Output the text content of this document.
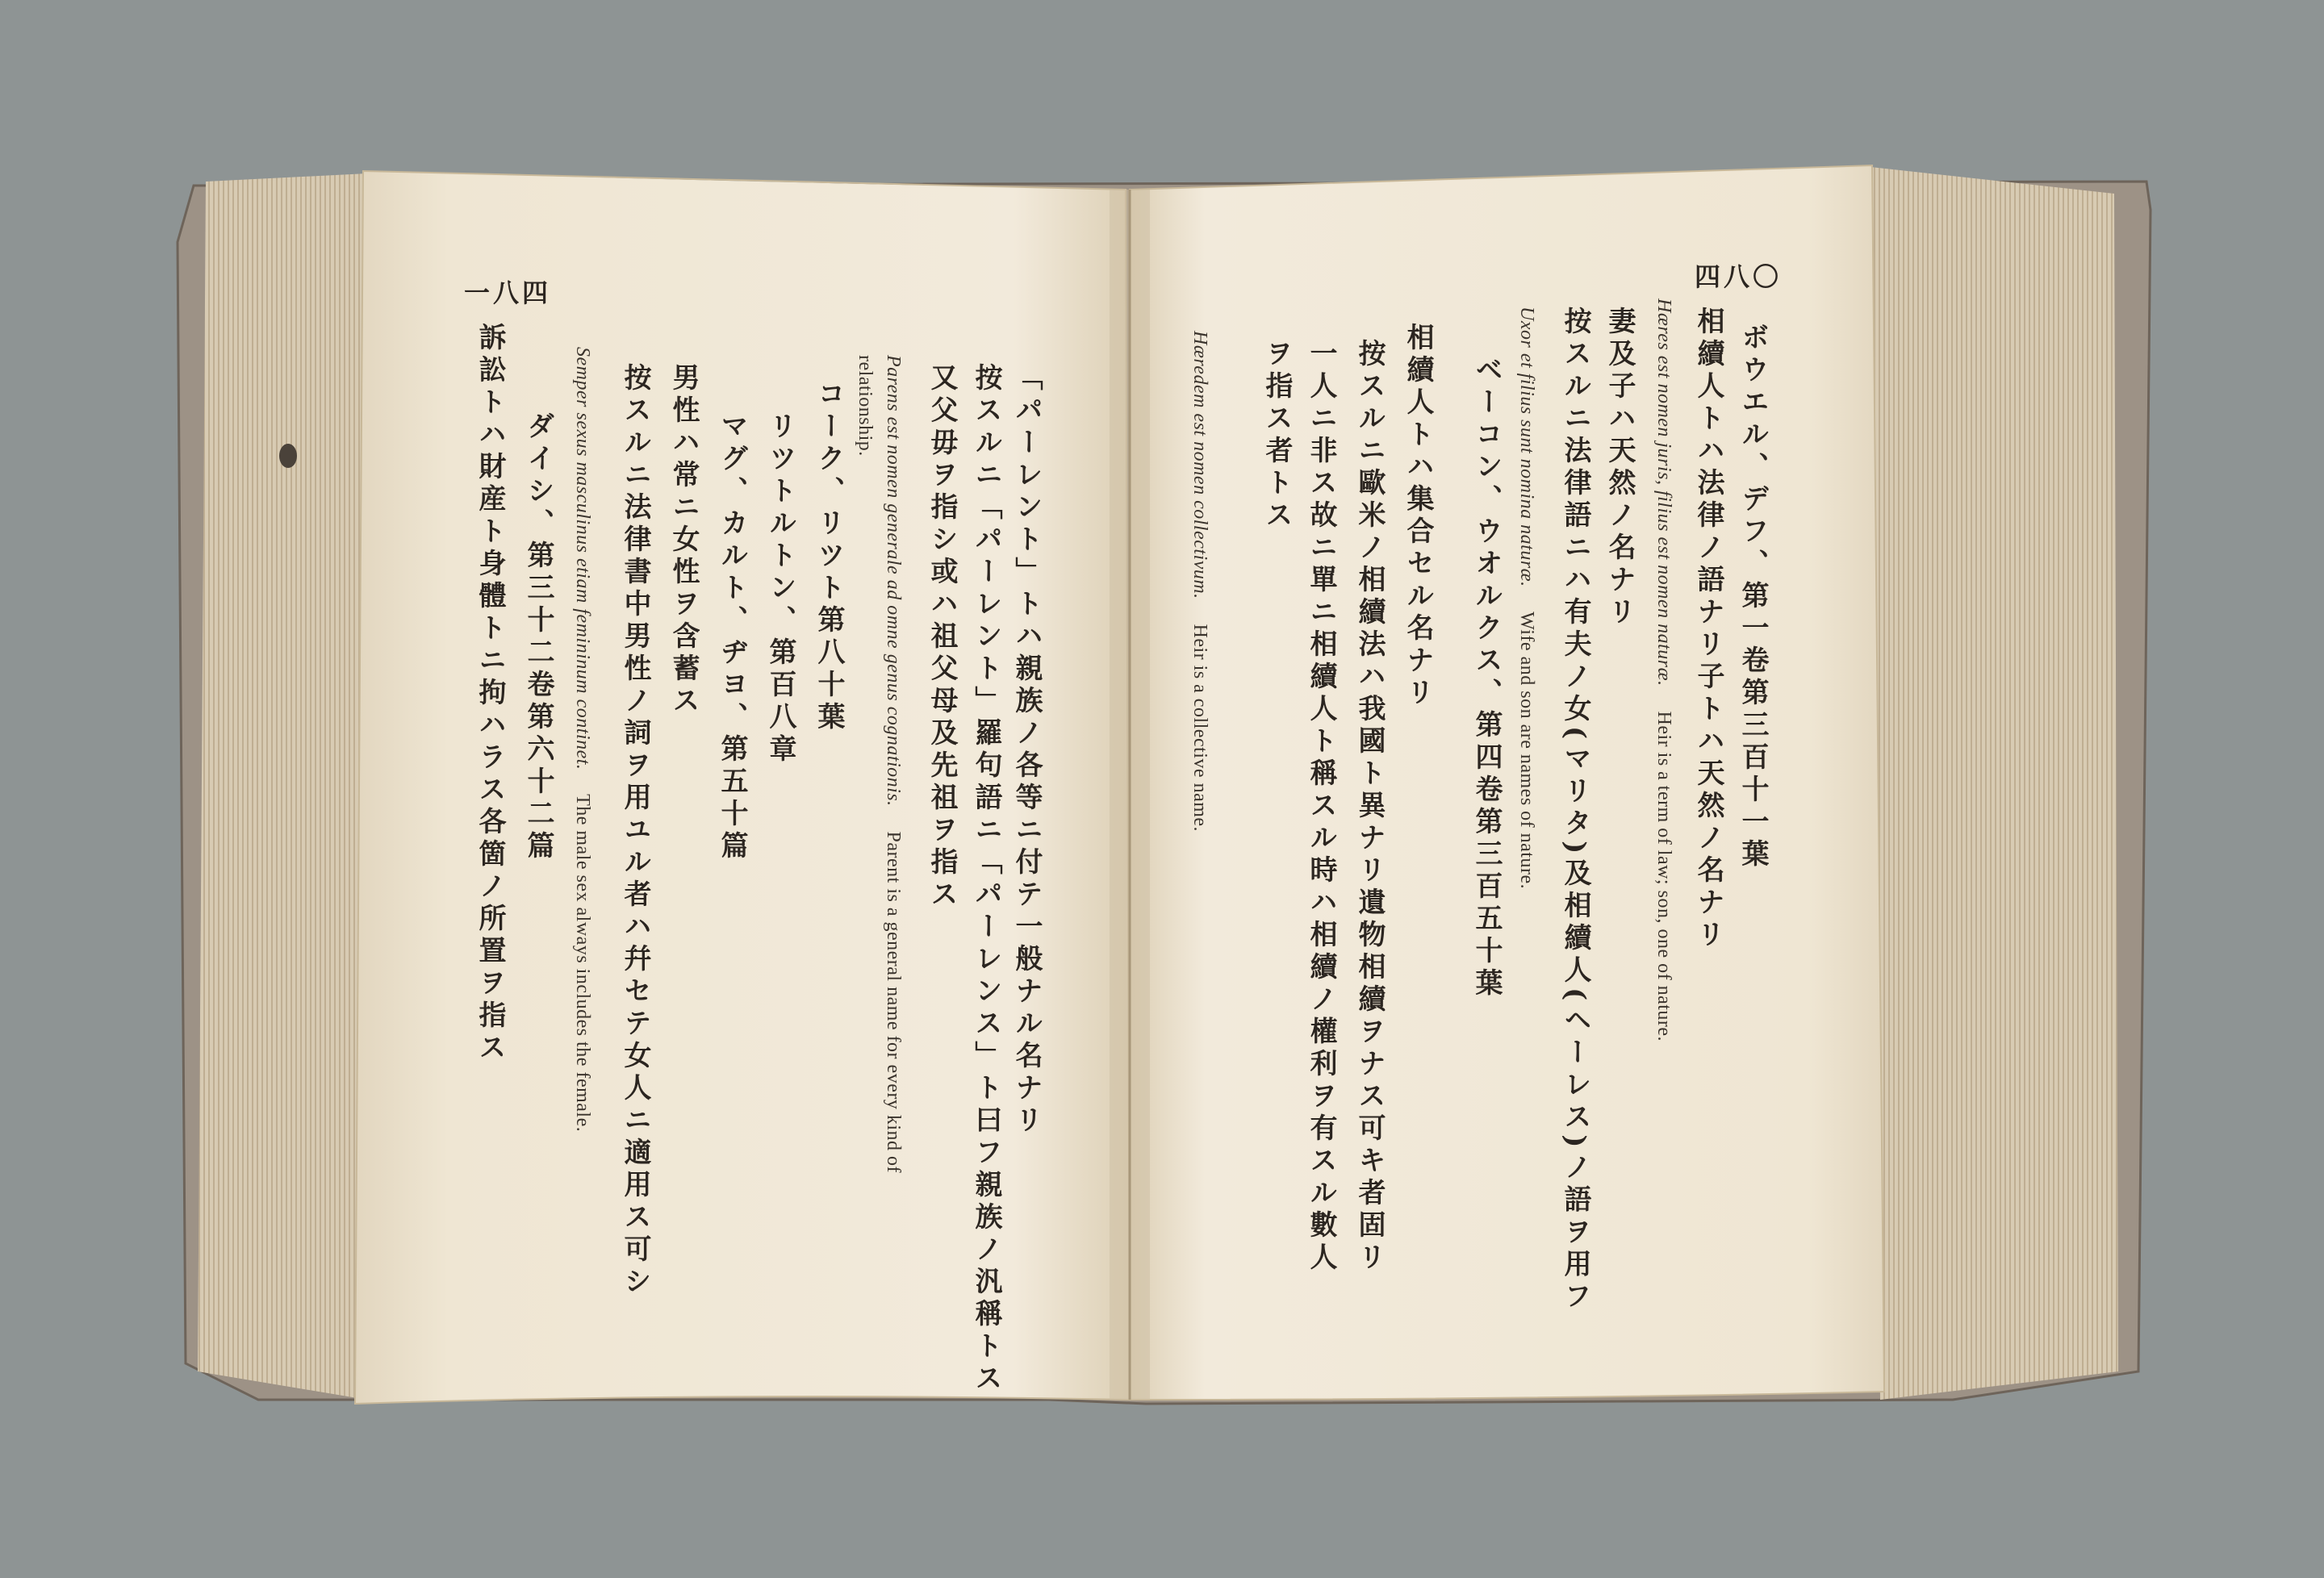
一八四
「パーレント」トハ親族ノ各等ニ付テ一般ナル名ナリ
按スルニ「パーレント」羅句語ニ「パーレンス」ト曰フ親族ノ汎稱トス
又父毋ヲ指シ或ハ祖父母及先祖ヲ指ス
Parens est nomen generale ad omne genus cognationis. Parent is a general name for every kind of
relationship.
コーク、リツト第八十葉
リツトルトン、第百八章
マグ、カルト、ヂヨ、第五十篇
男性ハ常ニ女性ヲ含蓄ス
按スルニ法律書中男性ノ詞ヲ用ユル者ハ幷セテ女人ニ適用ス可シ
Semper sexus masculinus etiam femininum continet. The male sex always includes the female.
ダイシ、第三十二卷第六十二篇
訴訟トハ財産ト身體トニ拘ハラス各箇ノ所置ヲ指ス
四八〇
ボウエル、デフ、第一卷第三百十一葉
相續人トハ法律ノ語ナリ子トハ天然ノ名ナリ
Hæres est nomen juris, filius est nomen naturæ. Heir is a term of law; son, one of nature.
妻及子ハ天然ノ名ナリ
按スルニ法律語ニハ有夫ノ女(マリタ)及相續人(ヘーレス)ノ語ヲ用フ
Uxor et filius sunt nomina naturæ. Wife and son are names of nature.
ベーコン、ウオルクス、第四卷第三百五十葉
相續人トハ集合セル名ナリ
按スルニ歐米ノ相續法ハ我國ト異ナリ遺物相續ヲナス可キ者固リ
一人ニ非ス故ニ單ニ相續人ト稱スル時ハ相續ノ權利ヲ有スル數人
ヲ指ス者トス
Hæredem est nomen collectivum. Heir is a collective name.
